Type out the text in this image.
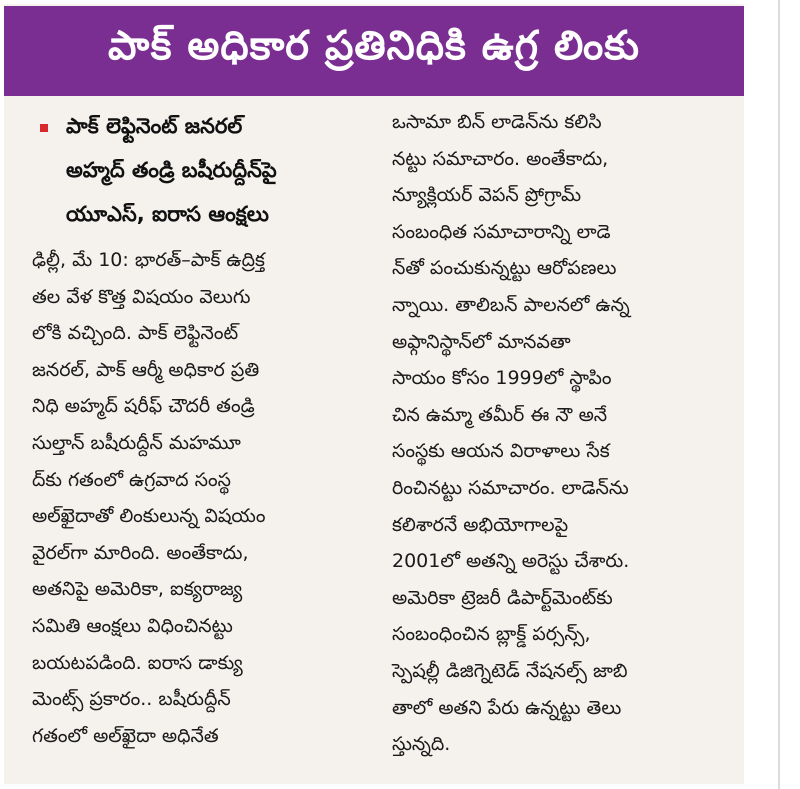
పాక్ అధికార ప్రతినిధికి ఉగ్ర లింకు
పాక్ లెఫ్టినెంట్ జనరల్
అహ్మద్ తండ్రి బషీరుద్దీన్‌పై
యూఎస్, ఐరాస ఆంక్షలు
ఢిల్లీ, మే 10: భారత్–పాక్ ఉద్రిక్త
తల వేళ కొత్త విషయం వెలుగు
లోకి వచ్చింది. పాక్ లెఫ్టినెంట్
జనరల్, పాక్ ఆర్మీ అధికార ప్రతి
నిధి అహ్మద్ షరీఫ్ చౌదరీ తండ్రి
సుల్తాన్ బషీరుద్దీన్ మహమూ
ద్‌కు గతంలో ఉగ్రవాద సంస్థ
అల్‌ఖైదాతో లింకులున్న విషయం
వైరల్‌గా మారింది. అంతేకాదు,
అతనిపై అమెరికా, ఐక్యరాజ్య
సమితి ఆంక్షలు విధించినట్టు
బయటపడింది. ఐరాస డాక్యు
మెంట్స్ ప్రకారం.. బషీరుద్దీన్
గతంలో అల్‌ఖైదా అధినేత
ఒసామా బిన్ లాడెన్‌ను కలిసి
నట్టు సమాచారం. అంతేకాదు,
న్యూక్లియర్ వెపన్ ప్రోగ్రామ్
సంబంధిత సమాచారాన్ని లాడె
న్‌తో పంచుకున్నట్టు ఆరోపణలు
న్నాయి. తాలిబన్ పాలనలో ఉన్న
అఫ్గానిస్థాన్‌లో మానవతా
సాయం కోసం 1999లో స్థాపిం
చిన ఉమ్మా తమీర్ ఈ నౌ అనే
సంస్థకు ఆయన విరాళాలు సేక
రించినట్టు సమాచారం. లాడెన్‌ను
కలిశారనే అభియోగాలపై
2001లో అతన్ని అరెస్టు చేశారు.
అమెరికా ట్రెజరీ డిపార్ట్‌మెంట్‌కు
సంబంధించిన బ్లాక్డ్ పర్సన్స్,
స్పెషల్లీ డిజిగ్నెటెడ్ నేషనల్స్ జాబి
తాలో అతని పేరు ఉన్నట్టు తెలు
స్తున్నది.
